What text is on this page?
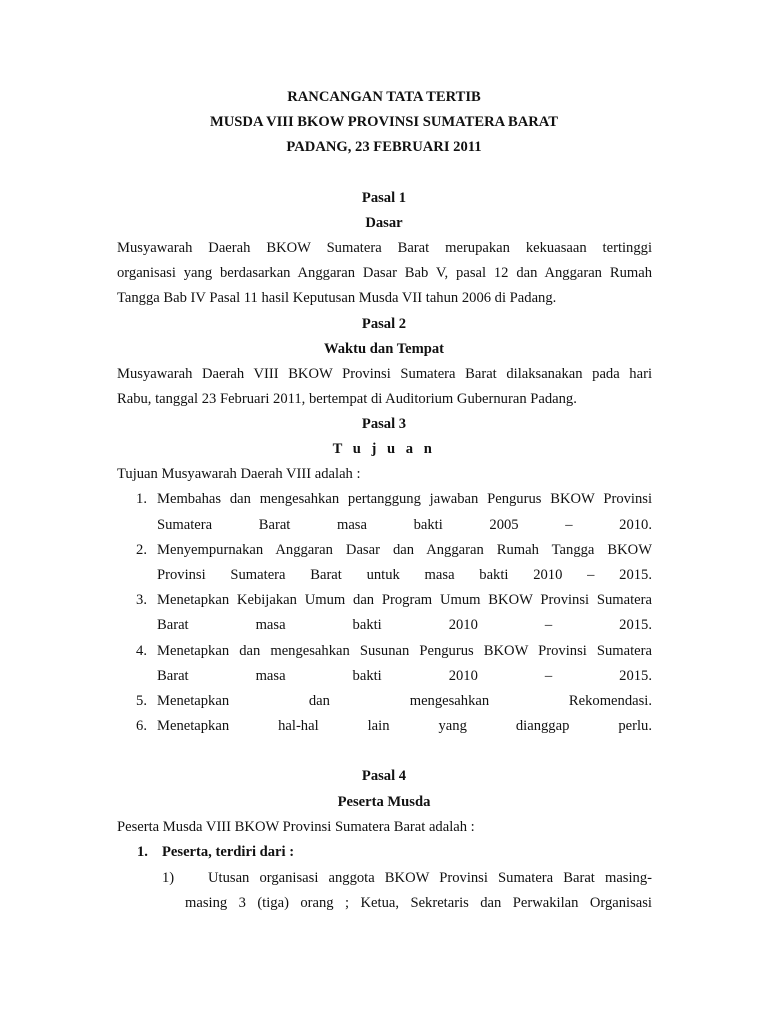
RANCANGAN TATA TERTIB
MUSDA VIII BKOW PROVINSI SUMATERA BARAT
PADANG, 23 FEBRUARI 2011
Pasal 1
Dasar
Musyawarah Daerah BKOW Sumatera Barat merupakan kekuasaan tertinggi
organisasi yang berdasarkan Anggaran Dasar Bab V, pasal 12 dan Anggaran Rumah
Tangga Bab IV Pasal 11 hasil Keputusan Musda VII tahun 2006 di Padang.
Pasal 2
Waktu dan Tempat
Musyawarah Daerah VIII BKOW Provinsi Sumatera Barat dilaksanakan pada hari
Rabu, tanggal 23 Februari 2011, bertempat di Auditorium Gubernuran Padang.
Pasal 3
T u j u a n
Tujuan Musyawarah Daerah VIII adalah :
1. Membahas dan mengesahkan pertanggung jawaban Pengurus BKOW Provinsi
Sumatera Barat masa bakti 2005 – 2010.
2. Menyempurnakan Anggaran Dasar dan Anggaran Rumah Tangga BKOW
Provinsi Sumatera Barat untuk masa bakti 2010 – 2015.
3. Menetapkan Kebijakan Umum dan Program Umum BKOW Provinsi Sumatera
Barat masa bakti 2010 – 2015.
4. Menetapkan dan mengesahkan Susunan Pengurus BKOW Provinsi Sumatera
Barat masa bakti 2010 – 2015.
5. Menetapkan dan mengesahkan Rekomendasi.
6. Menetapkan hal-hal lain yang dianggap perlu.
Pasal 4
Peserta Musda
Peserta Musda VIII BKOW Provinsi Sumatera Barat adalah :
1. Peserta, terdiri dari :
1) Utusan organisasi anggota BKOW Provinsi Sumatera Barat masing-
masing 3 (tiga) orang ; Ketua, Sekretaris dan Perwakilan Organisasi
